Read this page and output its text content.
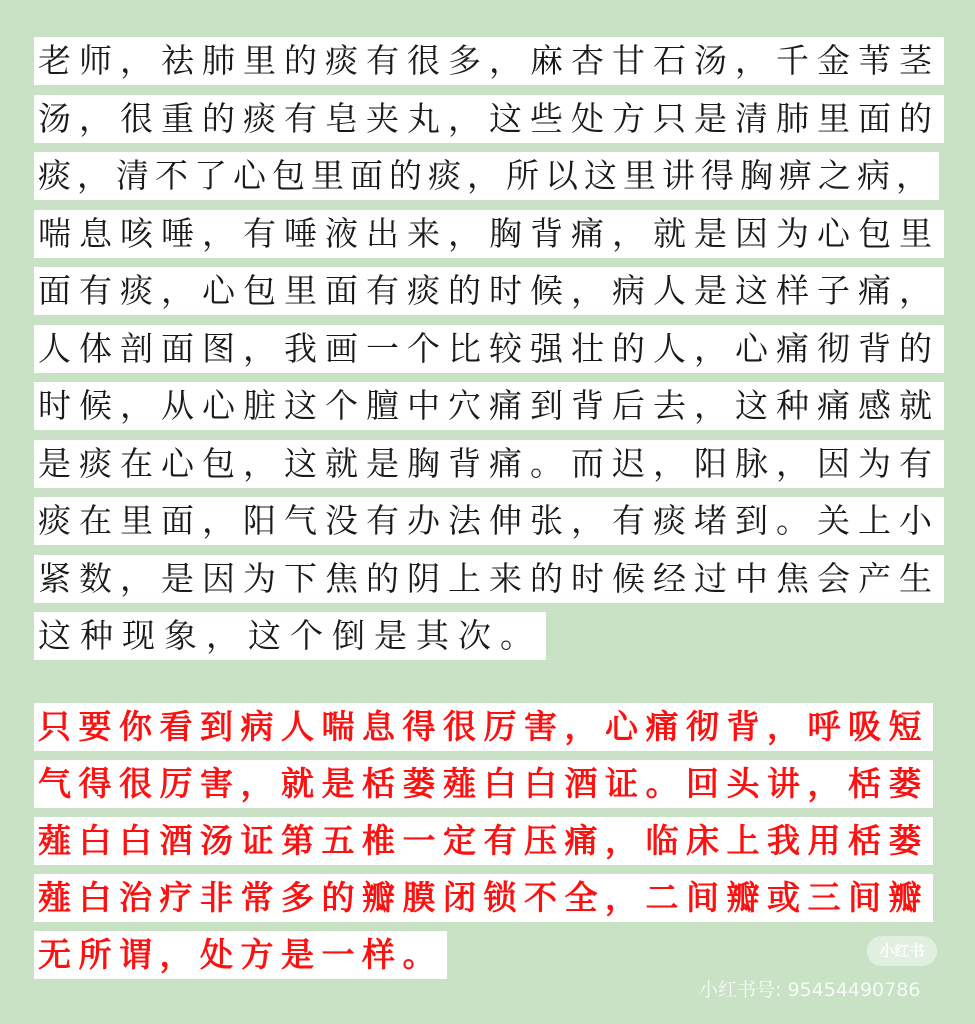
老师，祛肺里的痰有很多，麻杏甘石汤，千金苇茎
汤，很重的痰有皂夹丸，这些处方只是清肺里面的
痰，清不了心包里面的痰，所以这里讲得胸痹之病，
喘息咳唾，有唾液出来，胸背痛，就是因为心包里
面有痰，心包里面有痰的时候，病人是这样子痛，
人体剖面图，我画一个比较强壮的人，心痛彻背的
时候，从心脏这个膻中穴痛到背后去，这种痛感就
是痰在心包，这就是胸背痛。而迟，阳脉，因为有
痰在里面，阳气没有办法伸张，有痰堵到。关上小
紧数，是因为下焦的阴上来的时候经过中焦会产生
这种现象，这个倒是其次。
只要你看到病人喘息得很厉害，心痛彻背，呼吸短
气得很厉害，就是栝蒌薤白白酒证。回头讲，栝蒌
薤白白酒汤证第五椎一定有压痛，临床上我用栝蒌
薤白治疗非常多的瓣膜闭锁不全，二间瓣或三间瓣
无所谓，处方是一样。	小红书
小红书号: 95454490786
